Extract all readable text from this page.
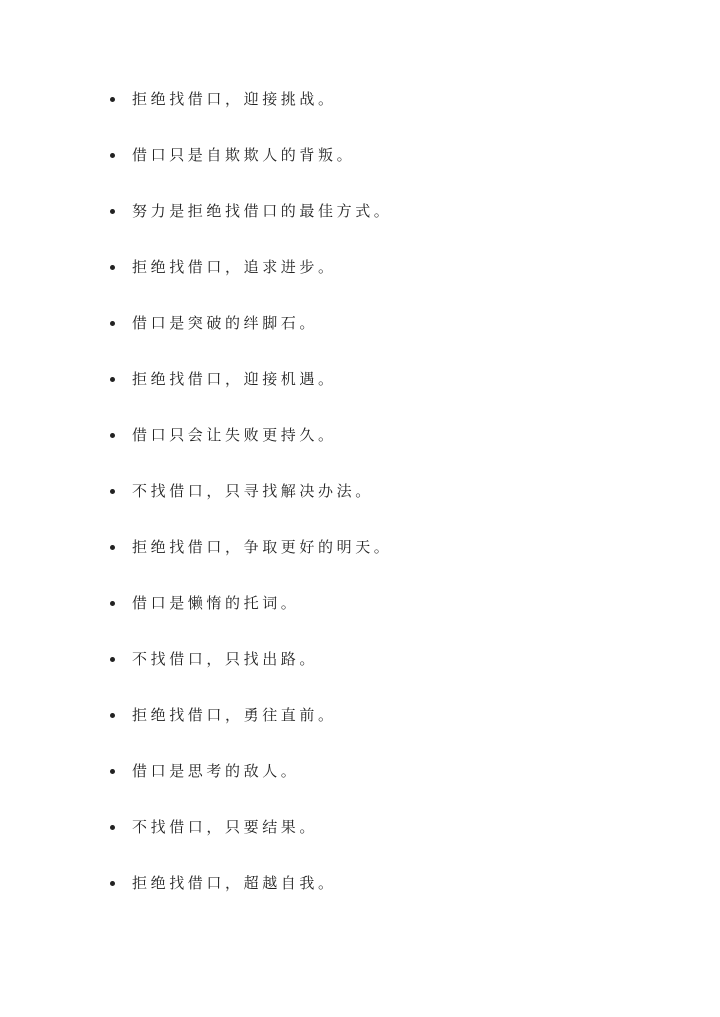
拒绝找借口，迎接挑战。
借口只是自欺欺人的背叛。
努力是拒绝找借口的最佳方式。
拒绝找借口，追求进步。
借口是突破的绊脚石。
拒绝找借口，迎接机遇。
借口只会让失败更持久。
不找借口，只寻找解决办法。
拒绝找借口，争取更好的明天。
借口是懒惰的托词。
不找借口，只找出路。
拒绝找借口，勇往直前。
借口是思考的敌人。
不找借口，只要结果。
拒绝找借口，超越自我。
